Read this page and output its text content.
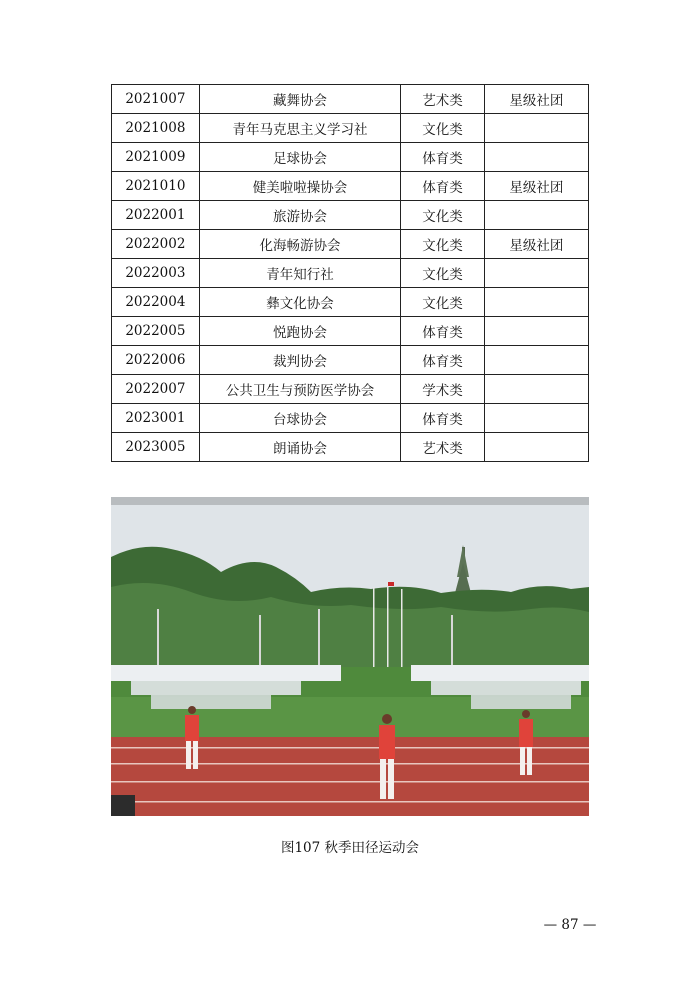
2021007	藏舞协会	艺术类	星级社团
2021008	青年马克思主义学习社	文化类	
2021009	足球协会	体育类	
2021010	健美啦啦操协会	体育类	星级社团
2022001	旅游协会	文化类	
2022002	化海畅游协会	文化类	星级社团
2022003	青年知行社	文化类	
2022004	彝文化协会	文化类	
2022005	悦跑协会	体育类	
2022006	裁判协会	体育类	
2022007	公共卫生与预防医学协会	学术类	
2023001	台球协会	体育类	
2023005	朗诵协会	艺术类	
图107 秋季田径运动会
— 87 —
